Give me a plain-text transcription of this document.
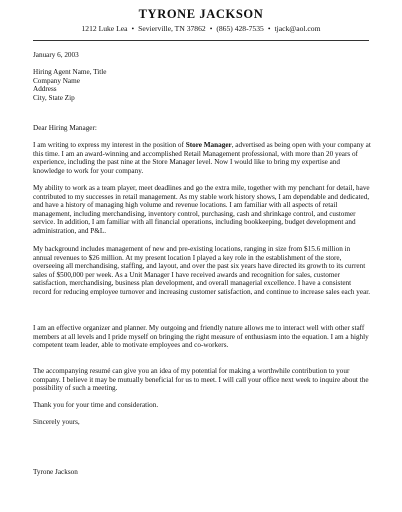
TYRONE JACKSON
1212 Luke Lea • Sevierville, TN 37862 • (865) 428-7535 • tjack@aol.com
January 6, 2003
Hiring Agent Name, Title
Company Name
Address
City, State Zip
Dear Hiring Manager:
I am writing to express my interest in the position of Store Manager, advertised as being open with your company at this time. I am an award-winning and accomplished Retail Management professional, with more than 20 years of experience, including the past nine at the Store Manager level. Now I would like to bring my expertise and knowledge to work for your company.
My ability to work as a team player, meet deadlines and go the extra mile, together with my penchant for detail, have contributed to my successes in retail management. As my stable work history shows, I am dependable and dedicated, and have a history of managing high volume and revenue locations. I am familiar with all aspects of retail management, including merchandising, inventory control, purchasing, cash and shrinkage control, and customer service. In addition, I am familiar with all financial operations, including bookkeeping, budget development and administration, and P&L.
My background includes management of new and pre-existing locations, ranging in size from $15.6 million in annual revenues to $26 million. At my present location I played a key role in the establishment of the store, overseeing all merchandising, staffing, and layout, and over the past six years have directed its growth to its current sales of $500,000 per week. As a Unit Manager I have received awards and recognition for sales, customer satisfaction, merchandising, business plan development, and overall managerial excellence. I have a consistent record for reducing employee turnover and increasing customer satisfaction, and continue to increase sales each year.
I am an effective organizer and planner. My outgoing and friendly nature allows me to interact well with other staff members at all levels and I pride myself on bringing the right measure of enthusiasm into the equation. I am a highly competent team leader, able to motivate employees and co-workers.
The accompanying resumé can give you an idea of my potential for making a worthwhile contribution to your company. I believe it may be mutually beneficial for us to meet. I will call your office next week to inquire about the possibility of such a meeting.
Thank you for your time and consideration.
Sincerely yours,
Tyrone Jackson
